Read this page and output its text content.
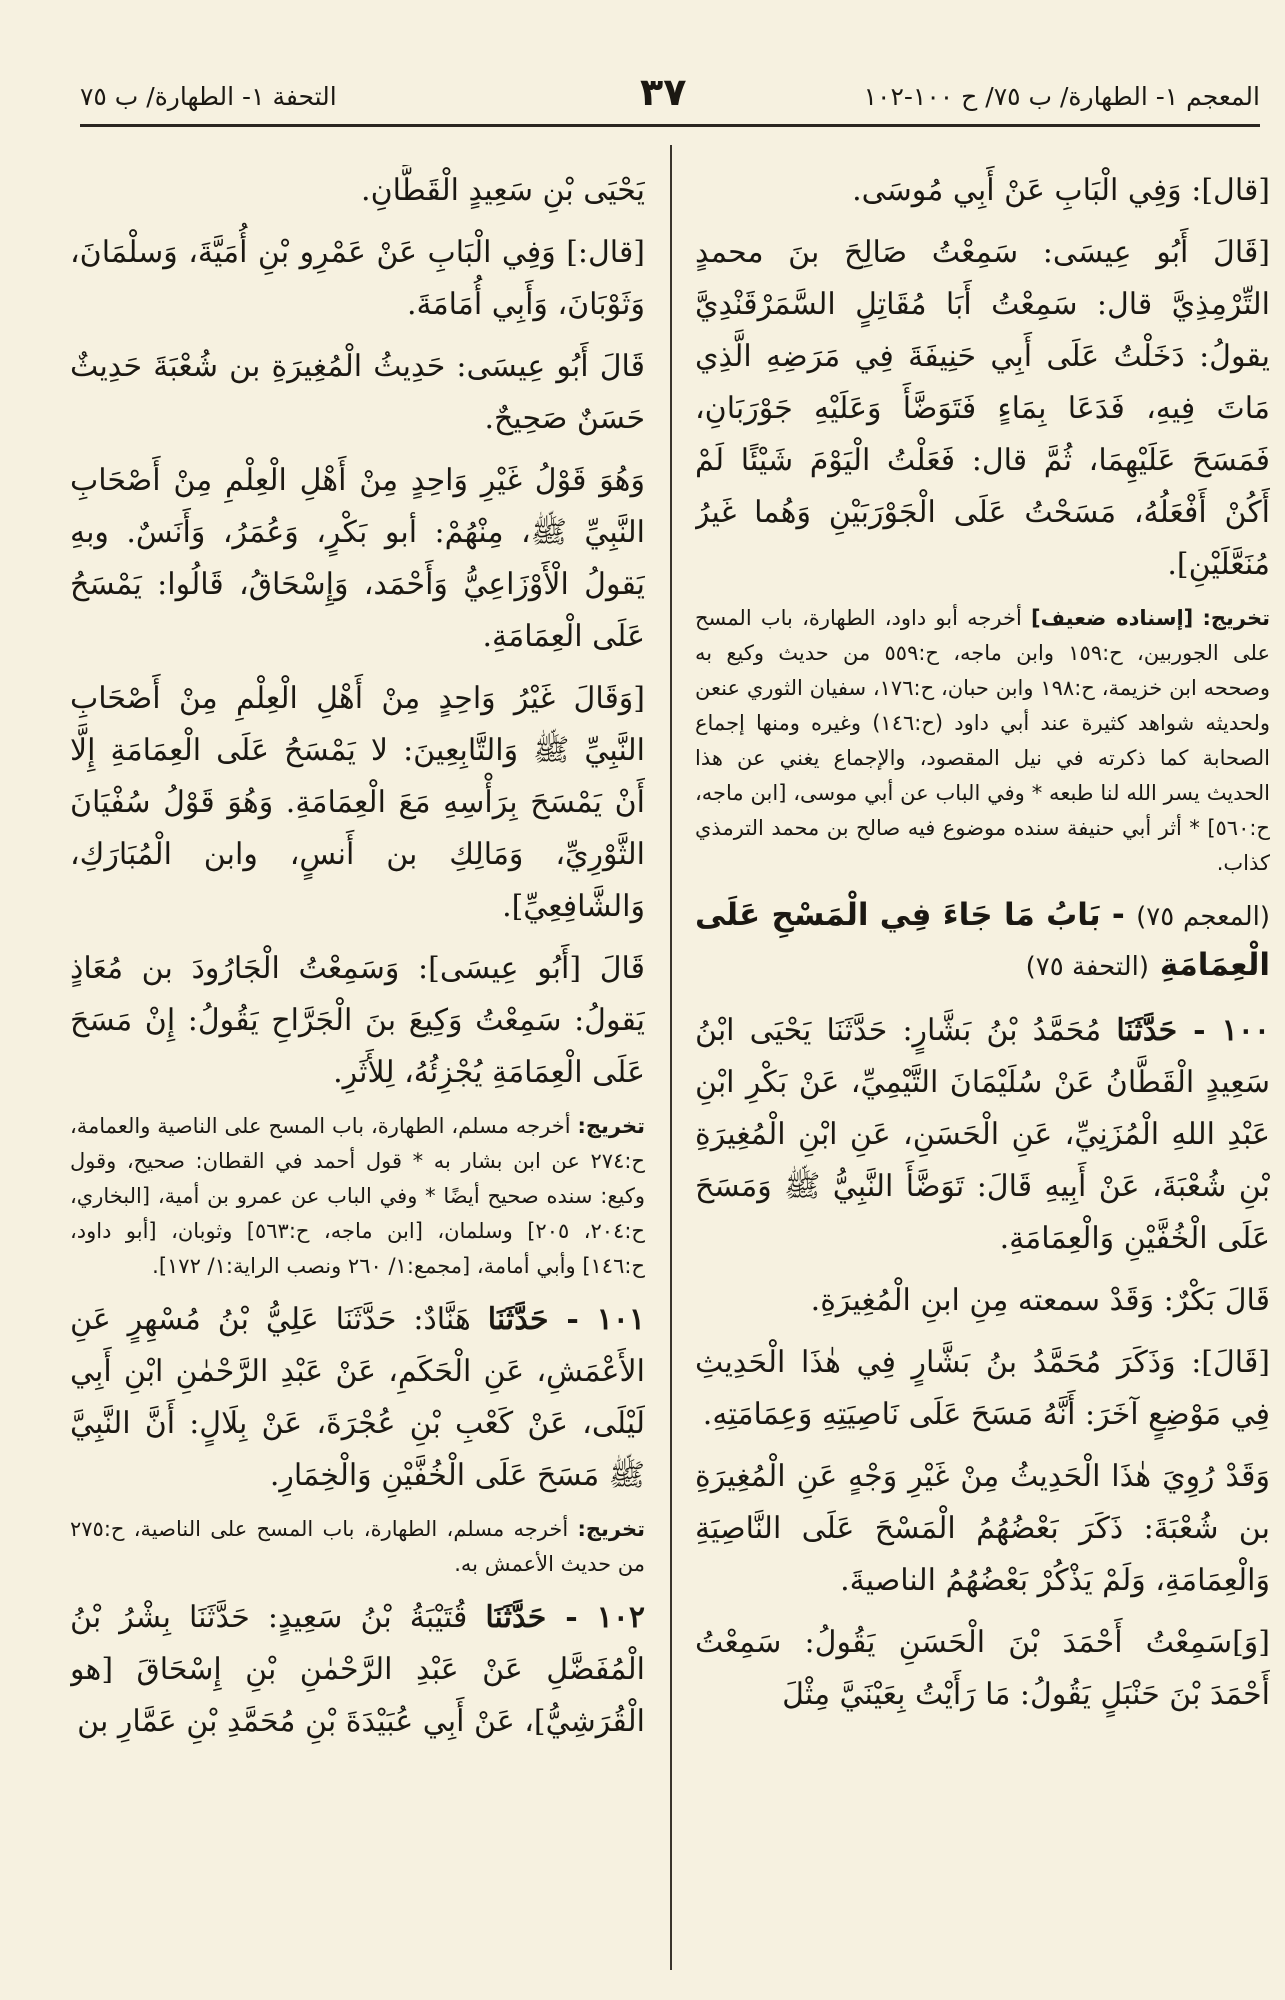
المعجم ١- الطهارة/ ب ٧٥/ ح ١٠٠-١٠٢
٣٧
التحفة ١- الطهارة/ ب ٧٥

[قال]: وَفِي الْبَابِ عَنْ أَبِي مُوسَى.

[قَالَ أَبُو عِيسَى: سَمِعْتُ صَالِحَ بنَ محمدٍ التِّرْمِذِيَّ قال: سَمِعْتُ أَبَا مُقَاتِلٍ السَّمَرْقَنْدِيَّ يقولُ: دَخَلْتُ عَلَى أَبِي حَنِيفَةَ فِي مَرَضِهِ الَّذِي مَاتَ فِيهِ، فَدَعَا بِمَاءٍ فَتَوَضَّأَ وَعَلَيْهِ جَوْرَبَانِ، فَمَسَحَ عَلَيْهِمَا، ثُمَّ قال: فَعَلْتُ الْيَوْمَ شَيْئًا لَمْ أَكُنْ أَفْعَلُهُ، مَسَحْتُ عَلَى الْجَوْرَبَيْنِ وَهُما غَيرُ مُنَعَّلَيْنِ].

تخريج: [إسناده ضعيف] أخرجه أبو داود، الطهارة، باب المسح على الجوربين، ح:١٥٩ وابن ماجه، ح:٥٥٩ من حديث وكيع به وصححه ابن خزيمة، ح:١٩٨ وابن حبان، ح:١٧٦، سفيان الثوري عنعن ولحديثه شواهد كثيرة عند أبي داود (ح:١٤٦) وغيره ومنها إجماع الصحابة كما ذكرته في نيل المقصود، والإجماع يغني عن هذا الحديث يسر الله لنا طبعه * وفي الباب عن أبي موسى، [ابن ماجه، ح:٥٦٠] * أثر أبي حنيفة سنده موضوع فيه صالح بن محمد الترمذي كذاب.

(المعجم ٧٥) - بَابُ مَا جَاءَ فِي الْمَسْحِ عَلَى الْعِمَامَةِ (التحفة ٧٥)

١٠٠ - حَدَّثَنَا مُحَمَّدُ بْنُ بَشَّارٍ: حَدَّثَنَا يَحْيَى ابْنُ سَعِيدٍ الْقَطَّانُ عَنْ سُلَيْمَانَ التَّيْمِيِّ، عَنْ بَكْرِ ابْنِ عَبْدِ اللهِ الْمُزَنِيِّ، عَنِ الْحَسَنِ، عَنِ ابْنِ الْمُغِيرَةِ بْنِ شُعْبَةَ، عَنْ أَبِيهِ قَالَ: تَوَضَّأَ النَّبِيُّ ﷺ وَمَسَحَ عَلَى الْخُفَّيْنِ وَالْعِمَامَةِ.

قَالَ بَكْرٌ: وَقَدْ سمعته مِنِ ابنِ الْمُغِيرَةِ.

[قَالَ]: وَذَكَرَ مُحَمَّدُ بنُ بَشَّارٍ فِي هٰذَا الْحَدِيثِ فِي مَوْضِعٍ آخَرَ: أَنَّهُ مَسَحَ عَلَى نَاصِيَتِهِ وَعِمَامَتِهِ.

وَقَدْ رُوِيَ هٰذَا الْحَدِيثُ مِنْ غَيْرِ وَجْهٍ عَنِ الْمُغِيرَةِ بن شُعْبَةَ: ذَكَرَ بَعْضُهُمُ الْمَسْحَ عَلَى النَّاصِيَةِ وَالْعِمَامَةِ، وَلَمْ يَذْكُرْ بَعْضُهُمُ الناصيةَ.

[وَ]سَمِعْتُ أَحْمَدَ بْنَ الْحَسَنِ يَقُولُ: سَمِعْتُ أَحْمَدَ بْنَ حَنْبَلٍ يَقُولُ: مَا رَأَيْتُ بِعَيْنَيَّ مِثْلَ

يَحْيَى بْنِ سَعِيدٍ الْقَطَّانِ.

[قال:] وَفِي الْبَابِ عَنْ عَمْرِو بْنِ أُمَيَّةَ، وَسلْمَانَ، وَثَوْبَانَ، وَأَبِي أُمَامَةَ.

قَالَ أَبُو عِيسَى: حَدِيثُ الْمُغِيرَةِ بن شُعْبَةَ حَدِيثٌ حَسَنٌ صَحِيحٌ.

وَهُوَ قَوْلُ غَيْرِ وَاحِدٍ مِنْ أَهْلِ الْعِلْمِ مِنْ أَصْحَابِ النَّبِيِّ ﷺ، مِنْهُمْ: أبو بَكْرٍ، وَعُمَرُ، وَأَنَسٌ. وبهِ يَقولُ الْأَوْزَاعِيُّ وَأَحْمَد، وَإِسْحَاقُ، قَالُوا: يَمْسَحُ عَلَى الْعِمَامَةِ.

[وَقَالَ غَيْرُ وَاحِدٍ مِنْ أَهْلِ الْعِلْمِ مِنْ أَصْحَابِ النَّبِيِّ ﷺ وَالتَّابِعِينَ: لا يَمْسَحُ عَلَى الْعِمَامَةِ إِلَّا أَنْ يَمْسَحَ بِرَأْسِهِ مَعَ الْعِمَامَةِ. وَهُوَ قَوْلُ سُفْيَانَ الثَّوْرِيِّ، وَمَالِكِ بن أَنسٍ، وابن الْمُبَارَكِ، وَالشَّافِعِيِّ].

قَالَ [أَبُو عِيسَى]: وَسَمِعْتُ الْجَارُودَ بن مُعَاذٍ يَقولُ: سَمِعْتُ وَكِيعَ بنَ الْجَرَّاحِ يَقُولُ: إِنْ مَسَحَ عَلَى الْعِمَامَةِ يُجْزِئُهُ، لِلأَثَرِ.

تخريج: أخرجه مسلم، الطهارة، باب المسح على الناصية والعمامة، ح:٢٧٤ عن ابن بشار به * قول أحمد في القطان: صحيح، وقول وكيع: سنده صحيح أيضًا * وفي الباب عن عمرو بن أمية، [البخاري، ح:٢٠٤، ٢٠٥] وسلمان، [ابن ماجه، ح:٥٦٣] وثوبان، [أبو داود، ح:١٤٦] وأبي أمامة، [مجمع:١/ ٢٦٠ ونصب الراية:١/ ١٧٢].

١٠١ - حَدَّثَنَا هَنَّادٌ: حَدَّثَنَا عَلِيُّ بْنُ مُسْهِرٍ عَنِ الأَعْمَشِ، عَنِ الْحَكَمِ، عَنْ عَبْدِ الرَّحْمٰنِ ابْنِ أَبِي لَيْلَى، عَنْ كَعْبِ بْنِ عُجْرَةَ، عَنْ بِلَالٍ: أَنَّ النَّبِيَّ ﷺ مَسَحَ عَلَى الْخُفَّيْنِ وَالْخِمَارِ.

تخريج: أخرجه مسلم، الطهارة، باب المسح على الناصية، ح:٢٧٥ من حديث الأعمش به.

١٠٢ - حَدَّثَنَا قُتَيْبَةُ بْنُ سَعِيدٍ: حَدَّثَنَا بِشْرُ بْنُ الْمُفَضَّلِ عَنْ عَبْدِ الرَّحْمٰنِ بْنِ إِسْحَاقَ [هو الْقُرَشِيُّ]، عَنْ أَبِي عُبَيْدَةَ بْنِ مُحَمَّدِ بْنِ عَمَّارِ بن
